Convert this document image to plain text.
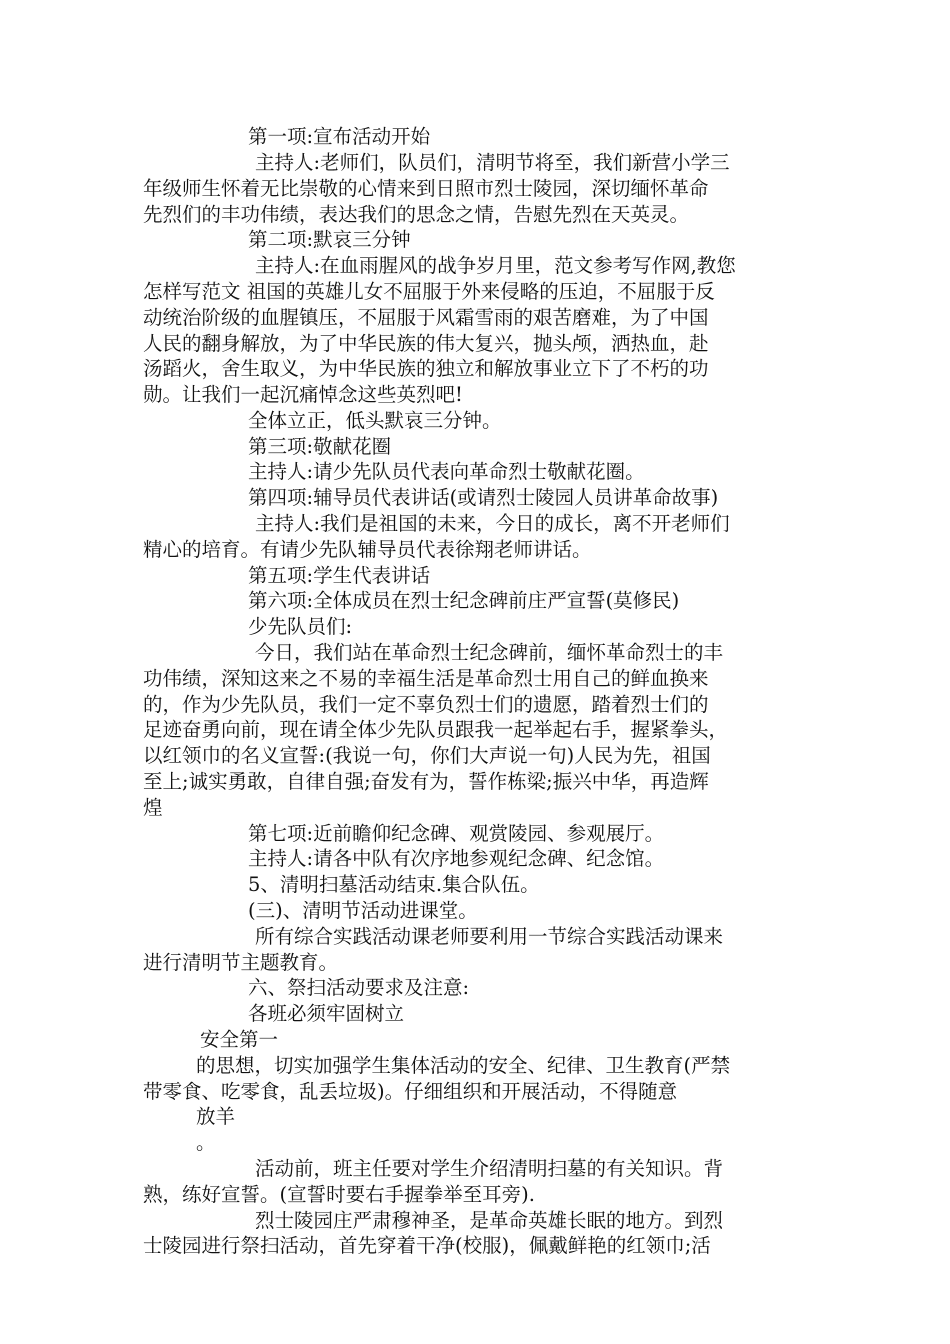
第一项:宣布活动开始
主持人:老师们，队员们，清明节将至，我们新营小学三
年级师生怀着无比崇敬的心情来到日照市烈士陵园，深切缅怀革命
先烈们的丰功伟绩，表达我们的思念之情，告慰先烈在天英灵。
第二项:默哀三分钟
主持人:在血雨腥风的战争岁月里，范文参考写作网,教您
怎样写范文 祖国的英雄儿女不屈服于外来侵略的压迫，不屈服于反
动统治阶级的血腥镇压，不屈服于风霜雪雨的艰苦磨难，为了中国
人民的翻身解放，为了中华民族的伟大复兴，抛头颅，洒热血，赴
汤蹈火，舍生取义，为中华民族的独立和解放事业立下了不朽的功
勋。让我们一起沉痛悼念这些英烈吧!
全体立正，低头默哀三分钟。
第三项:敬献花圈
主持人:请少先队员代表向革命烈士敬献花圈。
第四项:辅导员代表讲话(或请烈士陵园人员讲革命故事)
主持人:我们是祖国的未来，今日的成长，离不开老师们
精心的培育。有请少先队辅导员代表徐翔老师讲话。
第五项:学生代表讲话
第六项:全体成员在烈士纪念碑前庄严宣誓(莫修民)
少先队员们:
今日，我们站在革命烈士纪念碑前，缅怀革命烈士的丰
功伟绩，深知这来之不易的幸福生活是革命烈士用自己的鲜血换来
的，作为少先队员，我们一定不辜负烈士们的遗愿，踏着烈士们的
足迹奋勇向前，现在请全体少先队员跟我一起举起右手，握紧拳头，
以红领巾的名义宣誓:(我说一句，你们大声说一句)人民为先，祖国
至上;诚实勇敢，自律自强;奋发有为，誓作栋梁;振兴中华，再造辉
煌
第七项:近前瞻仰纪念碑、观赏陵园、参观展厅。
主持人:请各中队有次序地参观纪念碑、纪念馆。
5、清明扫墓活动结束.集合队伍。
(三)、清明节活动进课堂。
所有综合实践活动课老师要利用一节综合实践活动课来
进行清明节主题教育。
六、祭扫活动要求及注意:
各班必须牢固树立
安全第一
的思想，切实加强学生集体活动的安全、纪律、卫生教育(严禁
带零食、吃零食，乱丢垃圾)。仔细组织和开展活动，不得随意
放羊
。
活动前，班主任要对学生介绍清明扫墓的有关知识。背
熟，练好宣誓。(宣誓时要右手握拳举至耳旁).
烈士陵园庄严肃穆神圣，是革命英雄长眠的地方。到烈
士陵园进行祭扫活动，首先穿着干净(校服)，佩戴鲜艳的红领巾;活
